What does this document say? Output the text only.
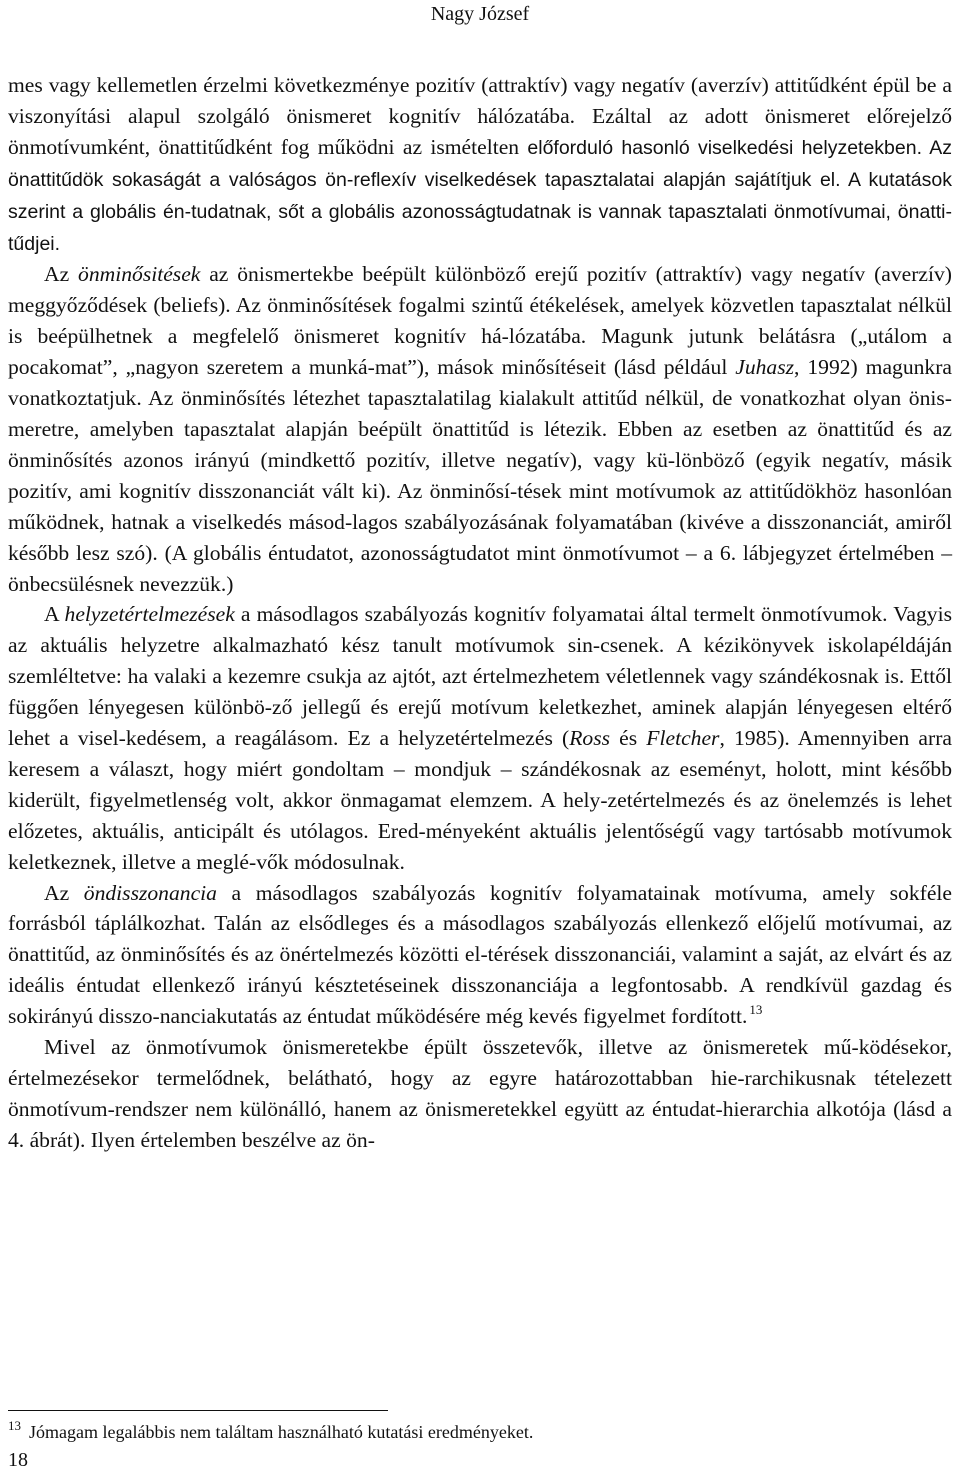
Nagy József

mes vagy kellemetlen érzelmi következménye pozitív (attraktív) vagy negatív (averzív) attitűdként épül be a viszonyítási alapul szolgáló önismeret kognitív hálózatába. Ezáltal az adott önismeret előrejelző önmotívumként, önattitűdként fog működni az ismételten előforduló hasonló viselkedési helyzetekben. Az önattitűdök sokaságát a valóságos ön-reflexív viselkedések tapasztalatai alapján sajátítjuk el. A kutatások szerint a globális én-tudatnak, sőt a globális azonosságtudatnak is vannak tapasztalati önmotívumai, önatti-tűdjei.

Az önminősitések az önismertekbe beépült különböző erejű pozitív (attraktív) vagy negatív (averzív) meggyőződések (beliefs). Az önminősítések fogalmi szintű étékelések, amelyek közvetlen tapasztalat nélkül is beépülhetnek a megfelelő önismeret kognitív há-lózatába. Magunk jutunk belátásra („utálom a pocakomat”, „nagyon szeretem a munká-mat”), mások minősítéseit (lásd például Juhasz, 1992) magunkra vonatkoztatjuk. Az önminősítés létezhet tapasztalatilag kialakult attitűd nélkül, de vonatkozhat olyan önis-meretre, amelyben tapasztalat alapján beépült önattitűd is létezik. Ebben az esetben az önattitűd és az önminősítés azonos irányú (mindkettő pozitív, illetve negatív), vagy kü-lönböző (egyik negatív, másik pozitív, ami kognitív disszonanciát vált ki). Az önminősí-tések mint motívumok az attitűdökhöz hasonlóan működnek, hatnak a viselkedés másod-lagos szabályozásának folyamatában (kivéve a disszonanciát, amiről később lesz szó). (A globális éntudatot, azonosságtudatot mint önmotívumot – a 6. lábjegyzet értelmében – önbecsülésnek nevezzük.)

A helyzetértelmezések a másodlagos szabályozás kognitív folyamatai által termelt önmotívumok. Vagyis az aktuális helyzetre alkalmazható kész tanult motívumok sin-csenek. A kézikönyvek iskolapéldáján szemléltetve: ha valaki a kezemre csukja az ajtót, azt értelmezhetem véletlennek vagy szándékosnak is. Ettől függően lényegesen különbö-ző jellegű és erejű motívum keletkezhet, aminek alapján lényegesen eltérő lehet a visel-kedésem, a reagálásom. Ez a helyzetértelmezés (Ross és Fletcher, 1985). Amennyiben arra keresem a választ, hogy miért gondoltam – mondjuk – szándékosnak az eseményt, holott, mint később kiderült, figyelmetlenség volt, akkor önmagamat elemzem. A hely-zetértelmezés és az önelemzés is lehet előzetes, aktuális, anticipált és utólagos. Ered-ményeként aktuális jelentőségű vagy tartósabb motívumok keletkeznek, illetve a meglé-vők módosulnak.

Az öndisszonancia a másodlagos szabályozás kognitív folyamatainak motívuma, amely sokféle forrásból táplálkozhat. Talán az elsődleges és a másodlagos szabályozás ellenkező előjelű motívumai, az önattitűd, az önminősítés és az önértelmezés közötti el-térések disszonanciái, valamint a saját, az elvárt és az ideális éntudat ellenkező irányú késztetéseinek disszonanciája a legfontosabb. A rendkívül gazdag és sokirányú disszo-nanciakutatás az éntudat működésére még kevés figyelmet fordított. $^{13}$

Mivel az önmotívumok önismeretekbe épült összetevők, illetve az önismeretek mű-ködésekor, értelmezésekor termelődnek, belátható, hogy az egyre határozottabban hie-rarchikusnak tételezett önmotívum-rendszer nem különálló, hanem az önismeretekkel együtt az éntudat-hierarchia alkotója (lásd a 4. ábrát). Ilyen értelemben beszélve az ön-

$^{13}$ Jómagam legalábbis nem találtam használható kutatási eredményeket.
18
